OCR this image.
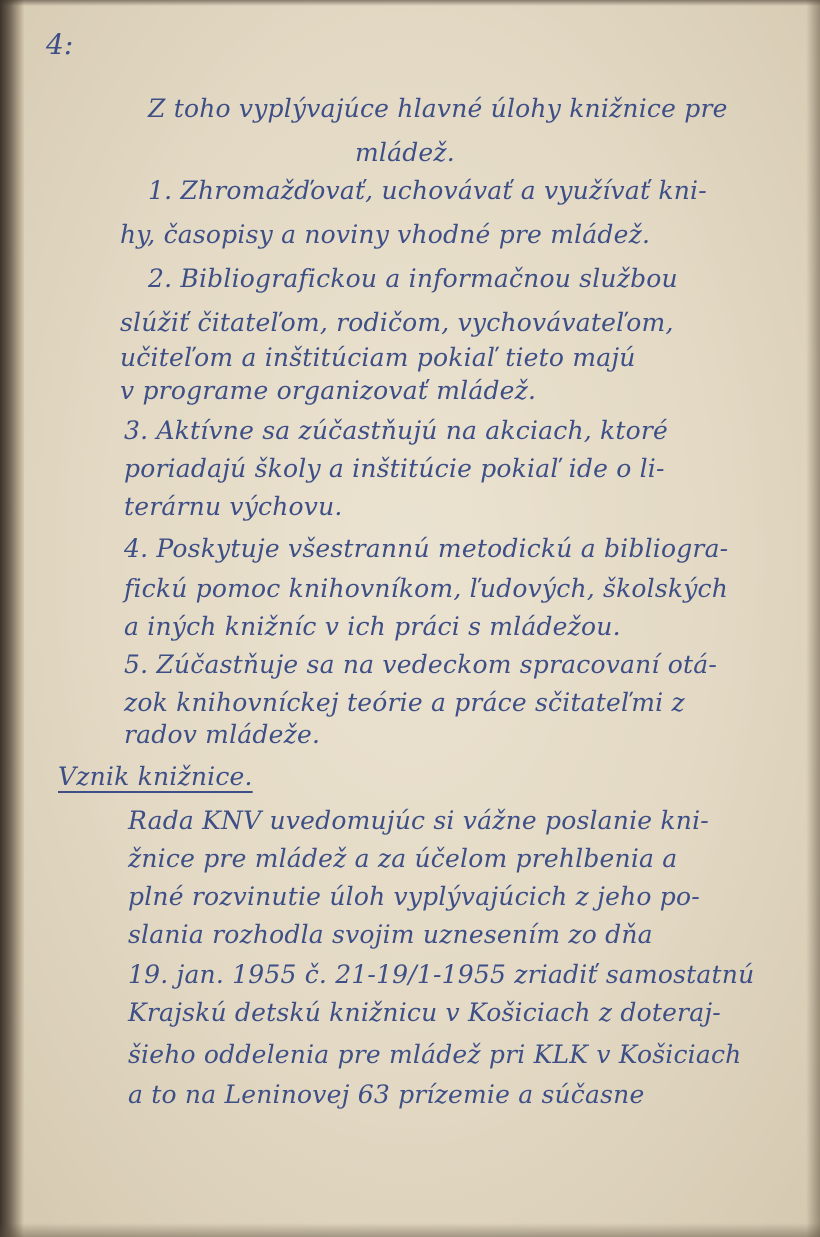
4:
Z toho vyplývajúce hlavné úlohy knižnice pre
mládež.
1. Zhromažďovať, uchovávať a využívať kni-
hy, časopisy a noviny vhodné pre mládež.
2. Bibliografickou a informačnou službou
slúžiť čitateľom, rodičom, vychovávateľom,
učiteľom a inštitúciam pokiaľ tieto majú
v programe organizovať mládež.
3. Aktívne sa zúčastňujú na akciach, ktoré
poriadajú školy a inštitúcie pokiaľ ide o li-
terárnu výchovu.
4. Poskytuje všestrannú metodickú a bibliogra-
fickú pomoc knihovníkom, ľudových, školských
a iných knižníc v ich práci s mládežou.
5. Zúčastňuje sa na vedeckom spracovaní otá-
zok knihovníckej teórie a práce sčitateľmi z
radov mládeže.
Vznik knižnice.
Rada KNV uvedomujúc si vážne poslanie kni-
žnice pre mládež a za účelom prehlbenia a
plné rozvinutie úloh vyplývajúcich z jeho po-
slania rozhodla svojim uznesením zo dňa
19. jan. 1955 č. 21-19/1-1955 zriadiť samostatnú
Krajskú detskú knižnicu v Košiciach z doteraj-
šieho oddelenia pre mládež pri KLK v Košiciach
a to na Leninovej 63 prízemie a súčasne
